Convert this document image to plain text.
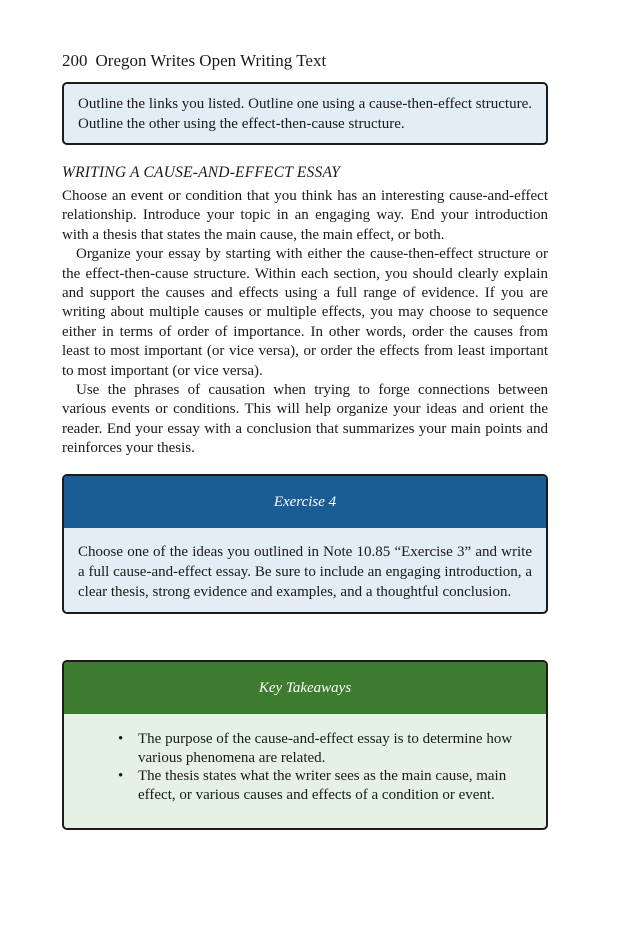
200 Oregon Writes Open Writing Text

Outline the links you listed. Outline one using a cause-then-effect structure. Outline the other using the effect-then-cause structure.

WRITING A CAUSE-AND-EFFECT ESSAY

Choose an event or condition that you think has an interesting cause-and-effect relationship. Introduce your topic in an engaging way. End your introduction with a thesis that states the main cause, the main effect, or both.

Organize your essay by starting with either the cause-then-effect structure or the effect-then-cause structure. Within each section, you should clearly explain and support the causes and effects using a full range of evidence. If you are writing about multiple causes or multiple effects, you may choose to sequence either in terms of order of importance. In other words, order the causes from least to most important (or vice versa), or order the effects from least important to most important (or vice versa).

Use the phrases of causation when trying to forge connections between various events or conditions. This will help organize your ideas and orient the reader. End your essay with a conclusion that summarizes your main points and reinforces your thesis.

Exercise 4

Choose one of the ideas you outlined in Note 10.85 “Exercise 3” and write a full cause-and-effect essay. Be sure to include an engaging introduction, a clear thesis, strong evidence and examples, and a thoughtful conclusion.

Key Takeaways
• The purpose of the cause-and-effect essay is to determine how various phenomena are related.
• The thesis states what the writer sees as the main cause, main effect, or various causes and effects of a condition or event.
